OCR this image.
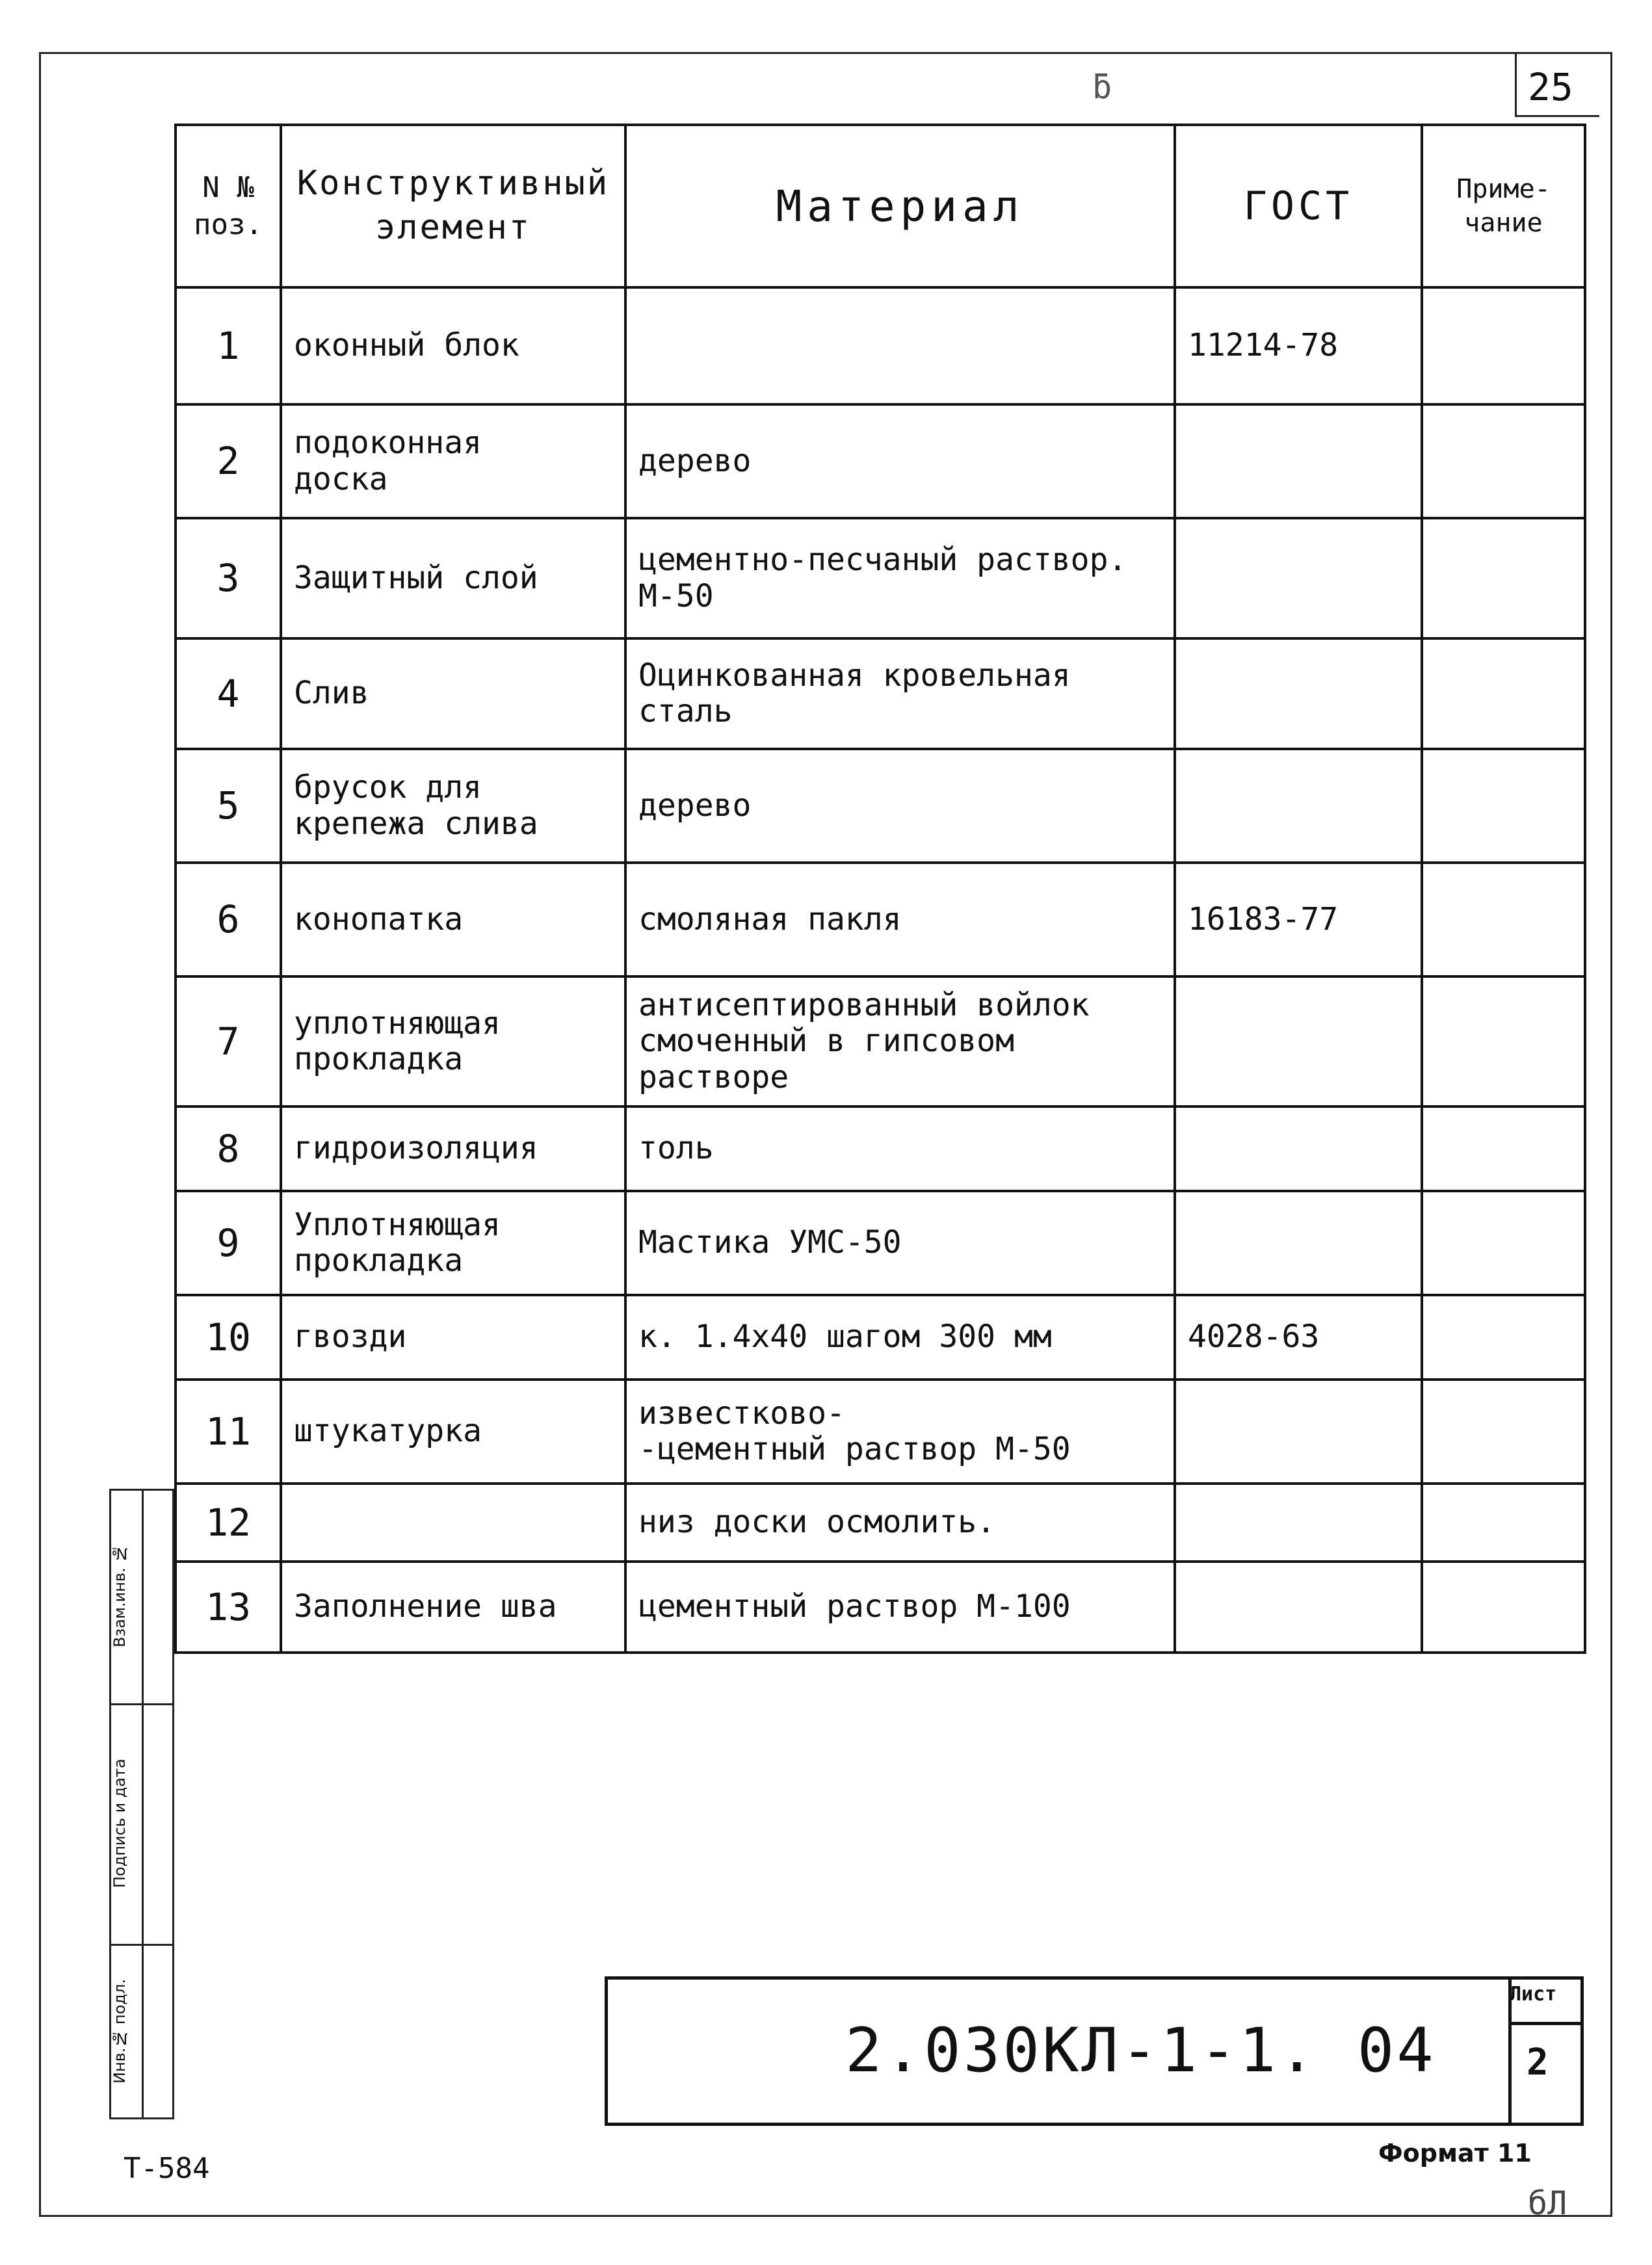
25
ƃ
N №
поз.	Конструктивный
элемент	Материал	ГОСТ	Приме-
чание
1	оконный блок		11214-78	
2	подоконная
доска	дерево		
3	Защитный слой	цементно-песчаный раствор.
М-50		
4	Слив	Оцинкованная кровельная
сталь		
5	брусок для
крепежа слива	дерево		
6	конопатка	смоляная пакля	16183-77	
7	уплотняющая прокладка	антисептированный войлок
смоченный в гипсовом
растворе		
8	гидроизоляция	толь		
9	Уплотняющая
прокладка	Мастика УМС-50		
10	гвозди	к. 1.4х40 шагом 300 мм	4028-63	
11	штукатурка	известково-
-цементный раствор М-50		
12		низ доски осмолить.		
13	Заполнение шва	цементный раствор М-100		
2.030КЛ-1-1. 04
Лист
2
Формат 11
Т-584
бЛ
Взам.инв. №
Подпись и дата
Инв.№ подл.
